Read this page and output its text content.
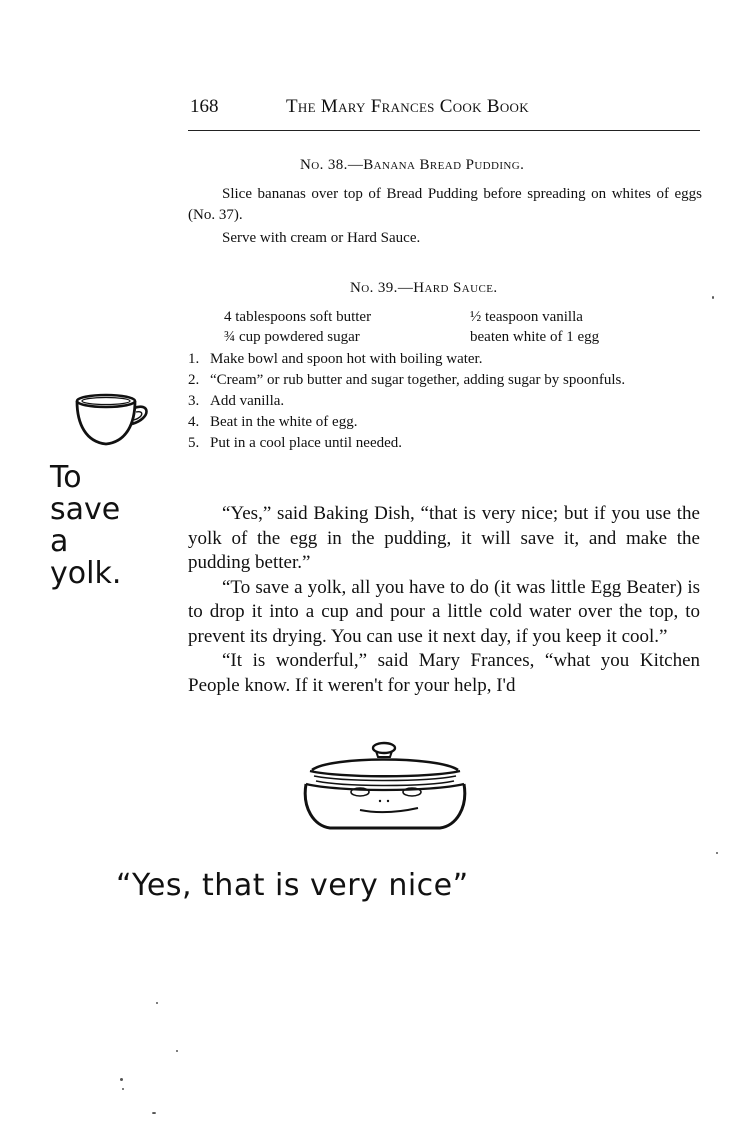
168	The Mary Frances Cook Book
No. 38.—Banana Bread Pudding.
Slice bananas over top of Bread Pudding before spreading on whites of eggs (No. 37).
Serve with cream or Hard Sauce.
No. 39.—Hard Sauce.
4 tablespoons soft butter	½ teaspoon vanilla
¾ cup powdered sugar	beaten white of 1 egg
1. Make bowl and spoon hot with boiling water.
2. “Cream” or rub butter and sugar together, adding sugar by spoonfuls.
3. Add vanilla.
4. Beat in the white of egg.
5. Put in a cool place until needed.
To
save
a
yolk.

“Yes,” said Baking Dish, “that is very nice; but if you use the yolk of the egg in the pudding, it will save it, and make the pudding better.”

“To save a yolk, all you have to do (it was little Egg Beater) is to drop it into a cup and pour a little cold water over the top, to prevent its drying. You can use it next day, if you keep it cool.”

“It is wonderful,” said Mary Frances, “what you Kitchen People know. If it weren't for your help, I'd

“Yes, that is very nice”
